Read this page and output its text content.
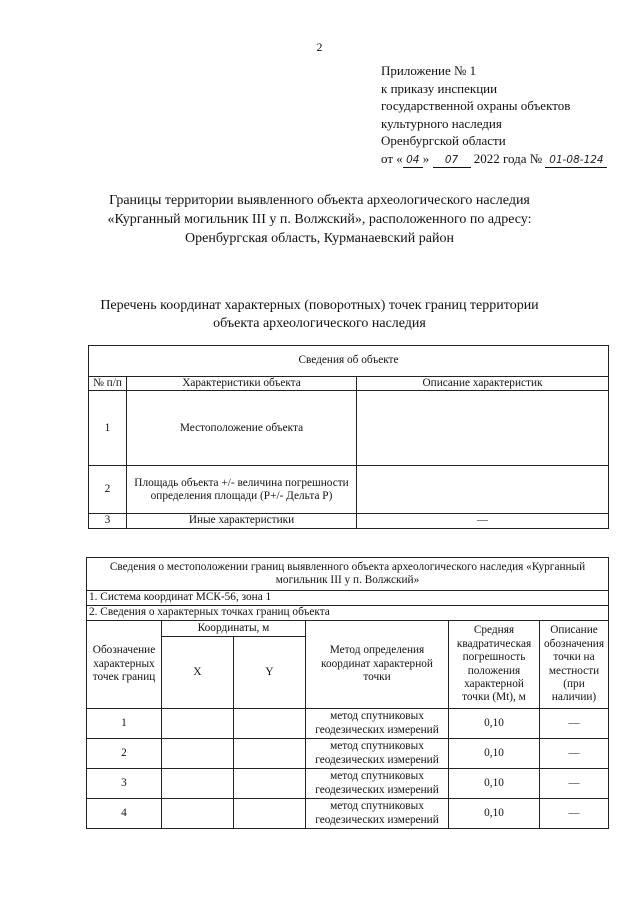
2
Приложение № 1
к приказу инспекции
государственной охраны объектов
культурного наследия
Оренбургской области
от « 04 » 07 2022 года № 01-08-124
Границы территории выявленного объекта археологического наследия
«Курганный могильник III у п. Волжский», расположенного по адресу:
Оренбургская область, Курманаевский район
Перечень координат характерных (поворотных) точек границ территории
объекта археологического наследия
Сведения об объекте		
№ п/п	Характеристики объекта	Описание характеристик
1	Местоположение объекта	
2	Площадь объекта +/- величина погрешности определения площади (Р+/- Дельта Р)	
3	Иные характеристики	—
Сведения о местоположении границ выявленного объекта археологического наследия «Курганный могильник III у п. Волжский»					
1. Система координат МСК-56, зона 1					
2. Сведения о характерных точках границ объекта					
Обозначение характерных точек границ	Координаты, м		Метод определения координат характерной точки	Средняя квадратическая погрешность положения характерной точки (Mt), м	Описание обозначения точки на местности (при наличии)
	X	Y			
1			метод спутниковых геодезических измерений	0,10	—
2			метод спутниковых геодезических измерений	0,10	—
3			метод спутниковых геодезических измерений	0,10	—
4			метод спутниковых геодезических измерений	0,10	—
